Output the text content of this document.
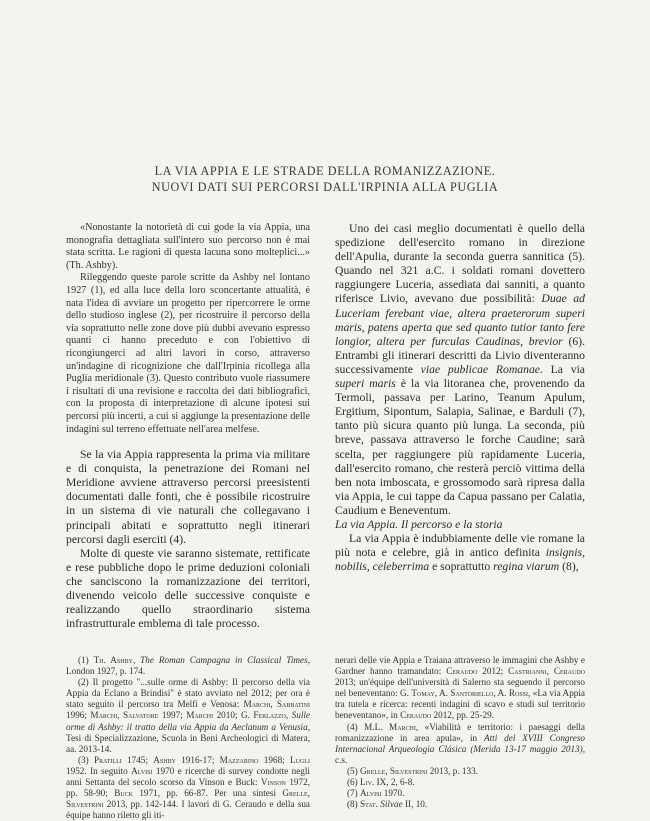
LA VIA APPIA E LE STRADE DELLA ROMANIZZAZIONE.
NUOVI DATI SUI PERCORSI DALL'IRPINIA ALLA PUGLIA

«Nonostante la notorietà di cui gode la via Appia, una monografia dettagliata sull'intero suo percorso non è mai stata scritta. Le ragioni di questa lacuna sono molteplici...» (Th. Ashby).

Rileggendo queste parole scritte da Ashby nel lontano 1927 (1), ed alla luce della loro sconcertante attualità, è nata l'idea di avviare un progetto per ripercorrere le orme dello studioso inglese (2), per ricostruire il percorso della via soprattutto nelle zone dove più dubbi avevano espresso quanti ci hanno preceduto e con l'obiettivo di ricongiungerci ad altri lavori in corso, attraverso un'indagine di ricognizione che dall'Irpinia ricollega alla Puglia meridionale (3). Questo contributo vuole riassumere i risultati di una revisione e raccolta dei dati bibliografici, con la proposta di interpretazione di alcune ipotesi sui percorsi più incerti, a cui si aggiunge la presentazione delle indagini sul terreno effettuate nell'area melfese.

Se la via Appia rappresenta la prima via militare e di conquista, la penetrazione dei Romani nel Meridione avviene attraverso percorsi preesistenti documentati dalle fonti, che è possibile ricostruire in un sistema di vie naturali che collegavano i principali abitati e soprattutto negli itinerari percorsi dagli eserciti (4).

Molte di queste vie saranno sistemate, rettificate e rese pubbliche dopo le prime deduzioni coloniali che sanciscono la romanizzazione dei territori, divenendo veicolo delle successive conquiste e realizzando quello straordinario sistema infrastrutturale emblema di tale processo.

Uno dei casi meglio documentati è quello della spedizione dell'esercito romano in direzione dell'Apulia, durante la seconda guerra sannitica (5). Quando nel 321 a.C. i soldati romani dovettero raggiungere Luceria, assediata dai sanniti, a quanto riferisce Livio, avevano due possibilità: Duae ad Luceriam ferebant viae, altera praeterorum superi maris, patens aperta que sed quanto tutior tanto fere longior, altera per furculas Caudinas, brevior (6). Entrambi gli itinerari descritti da Livio diventeranno successivamente viae publicae Romanae. La via superi maris è la via litoranea che, provenendo da Termoli, passava per Larino, Teanum Apulum, Ergitium, Sipontum, Salapia, Salinae, e Barduli (7), tanto più sicura quanto più lunga. La seconda, più breve, passava attraverso le forche Caudine; sarà scelta, per raggiungere più rapidamente Luceria, dall'esercito romano, che resterà perciò vittima della ben nota imboscata, e grossomodo sarà ripresa dalla via Appia, le cui tappe da Capua passano per Calatia, Caudium e Beneventum.

La via Appia. Il percorso e la storia

La via Appia è indubbiamente delle vie romane la più nota e celebre, già in antico definita insignis, nobilis, celeberrima e soprattutto regina viarum (8),

(1) Th. Ashby, The Roman Campagna in Classical Times, London 1927, p. 174.

(2) Il progetto "...sulle orme di Ashby: Il percorso della via Appia da Eclano a Brindisi" è stato avviato nel 2012; per ora è stato seguito il percorso tra Melfi e Venosa: Marchi, Sabbatini 1996; Marchi, Salvatore 1997; Marchi 2010; G. Ferlazzo, Sulle orme di Ashby: il tratto della via Appia da Aeclanum a Venusia, Tesi di Specializzazione, Scuola in Beni Archeologici di Matera, aa. 2013-14.

(3) Pratilli 1745; Ashby 1916-17; Mazzarino 1968; Lugli 1952. In seguito Alvisi 1970 e ricerche di survey condotte negli anni Settanta del secolo scorso da Vinson e Buck: Vinson 1972, pp. 58-90; Buck 1971, pp. 66-87. Per una sintesi Grelle, Silvestrini 2013, pp. 142-144. I lavori di G. Ceraudo e della sua équipe hanno riletto gli iti-

nerari delle vie Appia e Traiana attraverso le immagini che Ashby e Gardner hanno tramandato: Ceraudo 2012; Castrianni, Ceraudo 2013; un'équipe dell'università di Salerno sta seguendo il percorso nel beneventano: G. Tomay, A. Santoriello, A. Rossi, «La via Appia tra tutela e ricerca: recenti indagini di scavo e studi sul territorio beneventano», in Ceraudo 2012, pp. 25-29.

(4) M.L. Marchi, «Viabilità e territorio: i paesaggi della romanizzazione in area apula», in Atti del XVIII Congreso Internacional Arqueologia Clásica (Merida 13-17 maggio 2013), c.s.

(5) Grelle, Silvestrini 2013, p. 133.

(6) Liv. IX, 2, 6-8.

(7) Alvisi 1970.

(8) Stat. Silvae II, 10.
